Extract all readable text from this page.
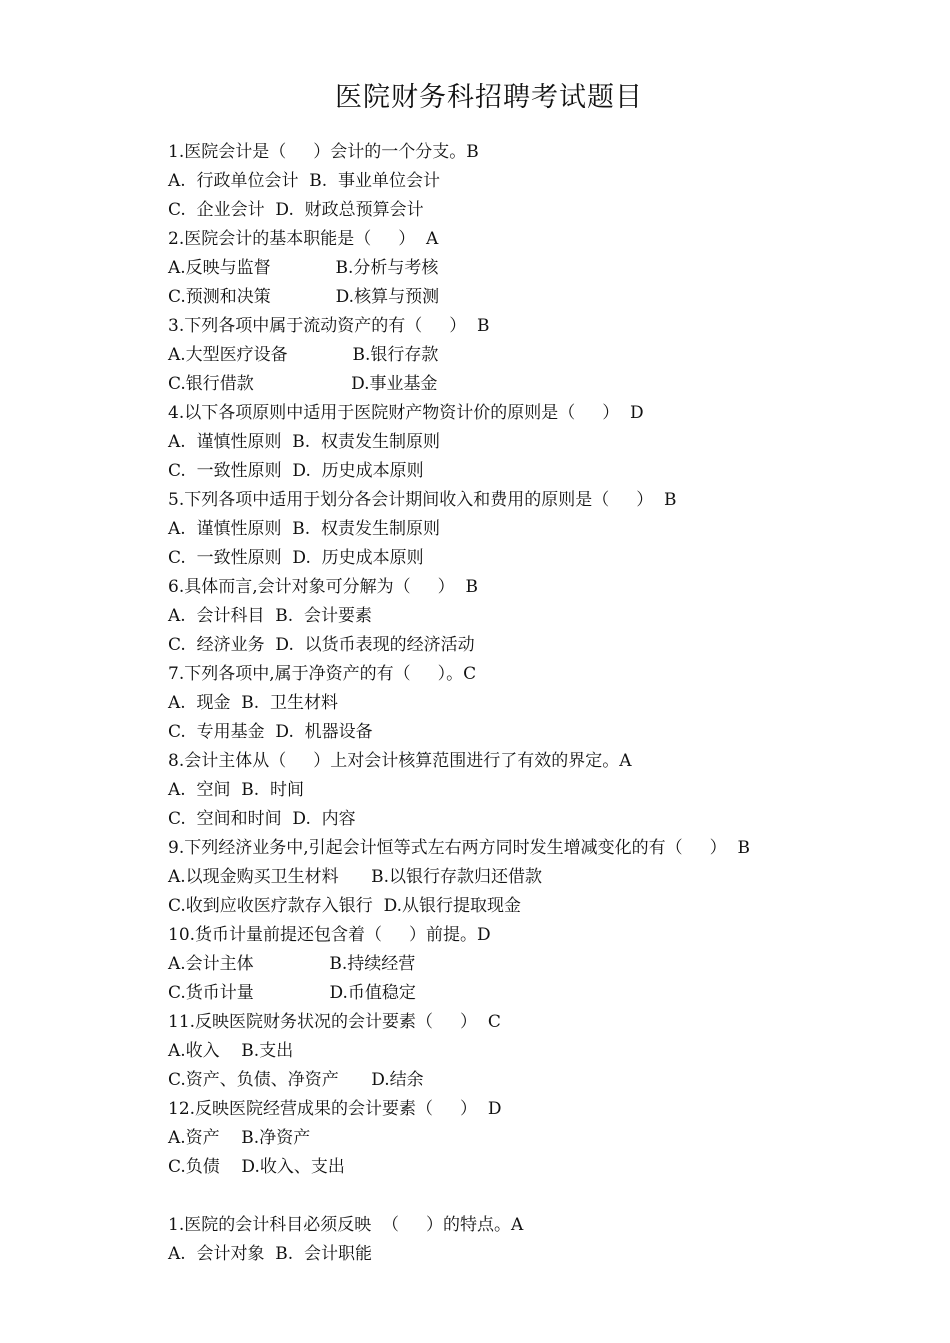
医院财务科招聘考试题目
1.医院会计是（     ）会计的一个分支。B
A.  行政单位会计  B.  事业单位会计
C.  企业会计  D.  财政总预算会计
2.医院会计的基本职能是（     ）  A
A.反映与监督            B.分析与考核
C.预测和决策            D.核算与预测
3.下列各项中属于流动资产的有（     ）  B
A.大型医疗设备            B.银行存款
C.银行借款                  D.事业基金
4.以下各项原则中适用于医院财产物资计价的原则是（     ）  D
A.  谨慎性原则  B.  权责发生制原则
C.  一致性原则  D.  历史成本原则
5.下列各项中适用于划分各会计期间收入和费用的原则是（     ）  B
A.  谨慎性原则  B.  权责发生制原则
C.  一致性原则  D.  历史成本原则
6.具体而言,会计对象可分解为（     ）  B
A.  会计科目  B.  会计要素
C.  经济业务  D.  以货币表现的经济活动
7.下列各项中,属于净资产的有（     ）。C
A.  现金  B.  卫生材料
C.  专用基金  D.  机器设备
8.会计主体从（     ）上对会计核算范围进行了有效的界定。A
A.  空间  B.  时间
C.  空间和时间  D.  内容
9.下列经济业务中,引起会计恒等式左右两方同时发生增减变化的有（     ）  B
A.以现金购买卫生材料      B.以银行存款归还借款
C.收到应收医疗款存入银行  D.从银行提取现金
10.货币计量前提还包含着（     ）前提。D
A.会计主体              B.持续经营
C.货币计量              D.币值稳定
11.反映医院财务状况的会计要素（     ）  C
A.收入    B.支出
C.资产、负债、净资产      D.结余
12.反映医院经营成果的会计要素（     ）  D
A.资产    B.净资产
C.负债    D.收入、支出
1.医院的会计科目必须反映  （     ）的特点。A
A.  会计对象  B.  会计职能
